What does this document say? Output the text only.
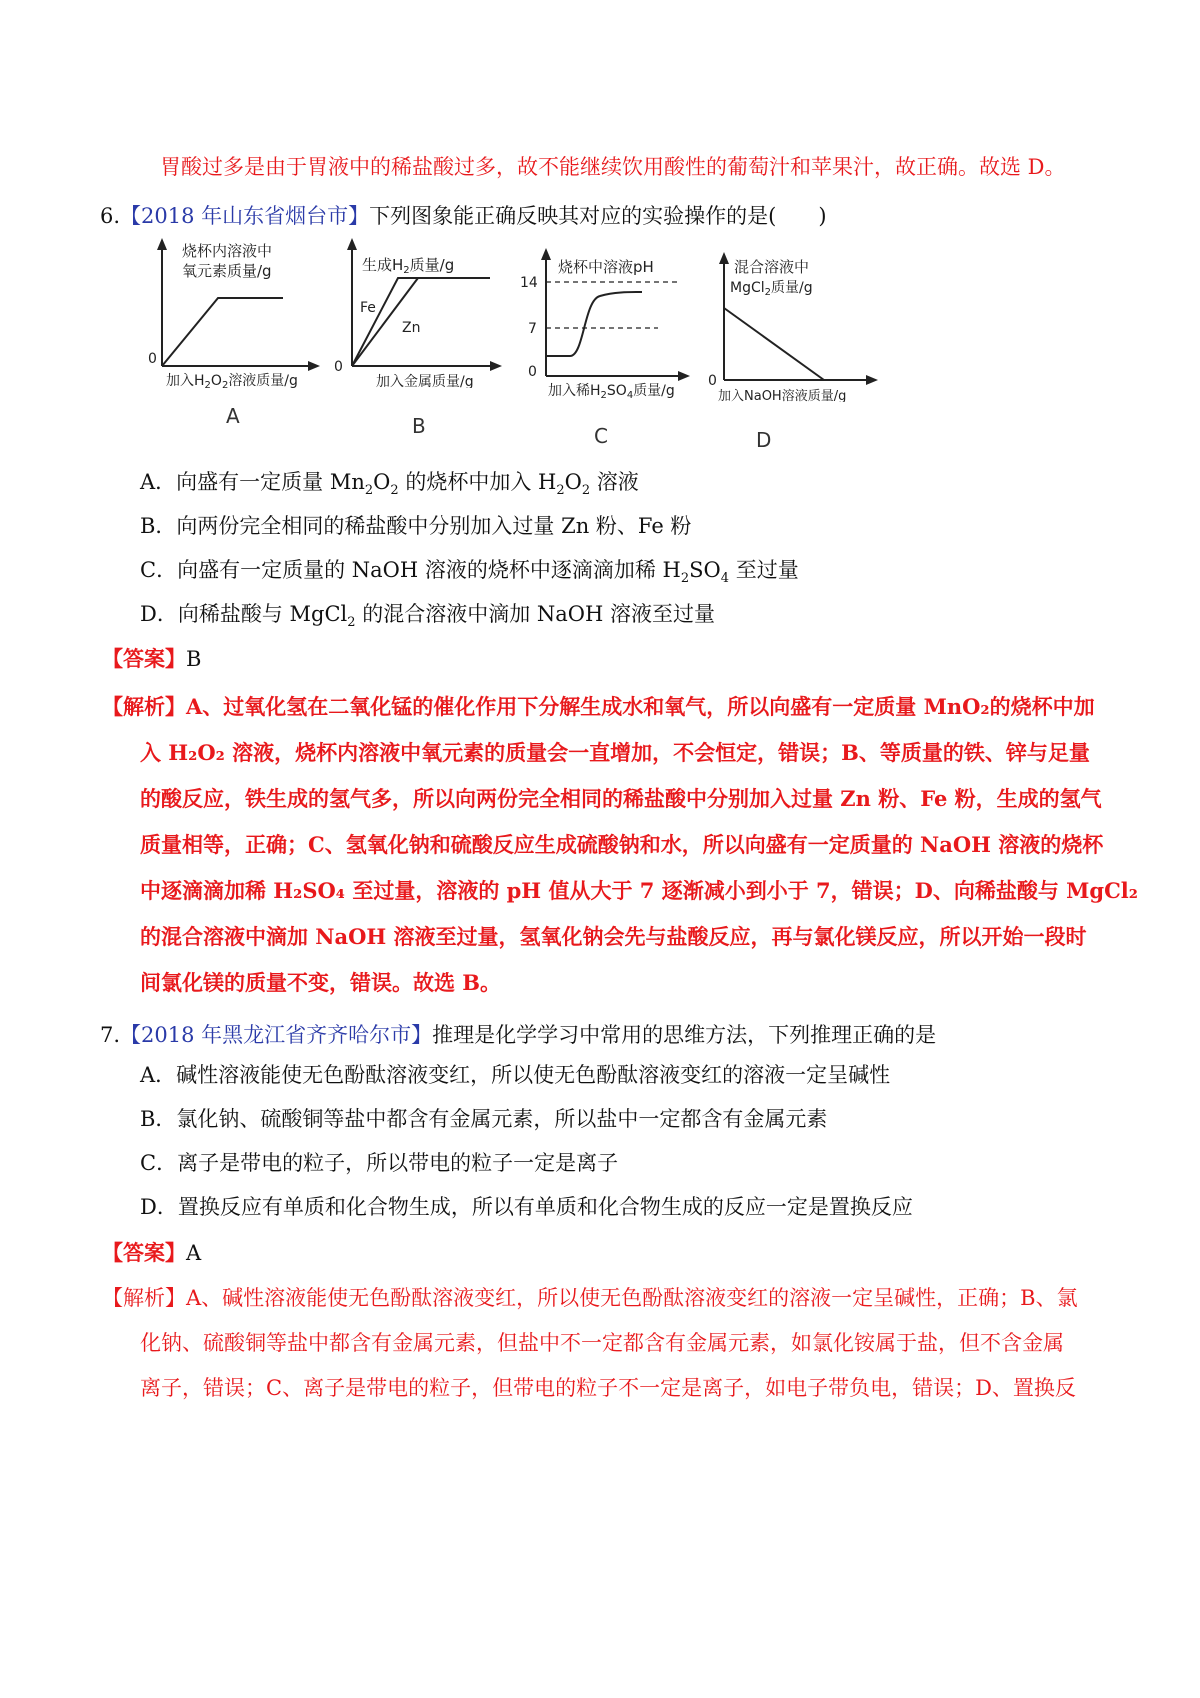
胃酸过多是由于胃液中的稀盐酸过多，故不能继续饮用酸性的葡萄汁和苹果汁，故正确。故选 D。
6.【2018 年山东省烟台市】下列图象能正确反映其对应的实验操作的是(　　)
烧杯内溶液中
氧元素质量/g
0
加入$H_2O_2$溶液质量/g
A
生成$H_2$质量/g
Fe
Zn
0
加入金属质量/g
B
烧杯中溶液pH
14
7
0
加入稀$H_2SO_4$质量/g
C
混合溶液中
MgCl$_2$质量/g
0
加入NaOH溶液质量/g
D
A．向盛有一定质量 $Mn_2O_2$ 的烧杯中加入 $H_2O_2$ 溶液
B．向两份完全相同的稀盐酸中分别加入过量 Zn 粉、Fe 粉
C．向盛有一定质量的 NaOH 溶液的烧杯中逐滴滴加稀 $H_2SO_4$ 至过量
D．向稀盐酸与 MgCl$_2$ 的混合溶液中滴加 NaOH 溶液至过量
【答案】B
【解析】A、过氧化氢在二氧化锰的催化作用下分解生成水和氧气，所以向盛有一定质量 MnO₂的烧杯中加
入 H₂O₂ 溶液，烧杯内溶液中氧元素的质量会一直增加，不会恒定，错误；B、等质量的铁、锌与足量
的酸反应，铁生成的氢气多，所以向两份完全相同的稀盐酸中分别加入过量 Zn 粉、Fe 粉，生成的氢气
质量相等，正确；C、氢氧化钠和硫酸反应生成硫酸钠和水，所以向盛有一定质量的 NaOH 溶液的烧杯
中逐滴滴加稀 H₂SO₄ 至过量，溶液的 pH 值从大于 7 逐渐减小到小于 7，错误；D、向稀盐酸与 MgCl₂
的混合溶液中滴加 NaOH 溶液至过量，氢氧化钠会先与盐酸反应，再与氯化镁反应，所以开始一段时
间氯化镁的质量不变，错误。故选 B。
7.【2018 年黑龙江省齐齐哈尔市】推理是化学学习中常用的思维方法，下列推理正确的是
A．碱性溶液能使无色酚酞溶液变红，所以使无色酚酞溶液变红的溶液一定呈碱性
B．氯化钠、硫酸铜等盐中都含有金属元素，所以盐中一定都含有金属元素
C．离子是带电的粒子，所以带电的粒子一定是离子
D．置换反应有单质和化合物生成，所以有单质和化合物生成的反应一定是置换反应
【答案】A
【解析】A、碱性溶液能使无色酚酞溶液变红，所以使无色酚酞溶液变红的溶液一定呈碱性，正确；B、氯
化钠、硫酸铜等盐中都含有金属元素，但盐中不一定都含有金属元素，如氯化铵属于盐，但不含金属
离子，错误；C、离子是带电的粒子，但带电的粒子不一定是离子，如电子带负电，错误；D、置换反
